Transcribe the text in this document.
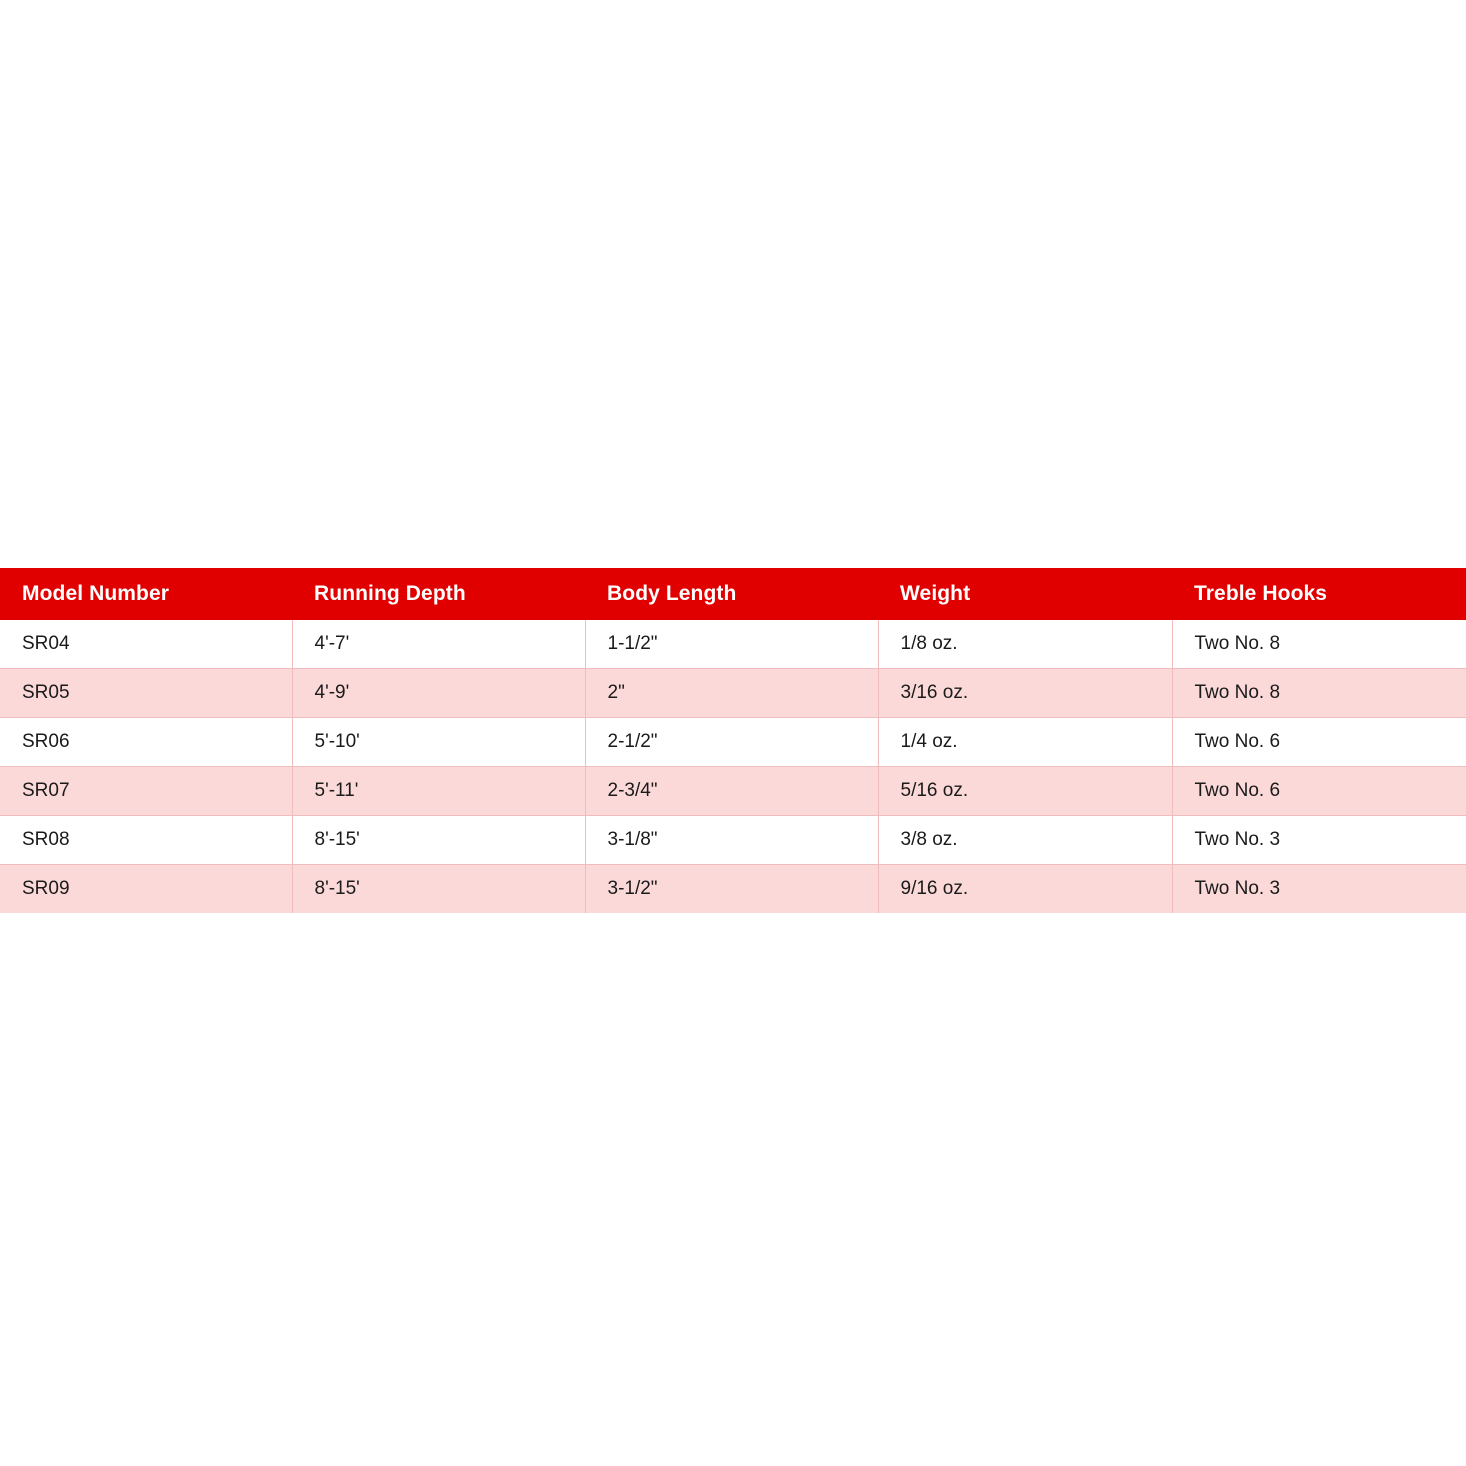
Model Number	Running Depth	Body Length	Weight	Treble Hooks
SR04	4'-7'	1-1/2"	1/8 oz.	Two No. 8
SR05	4'-9'	2"	3/16 oz.	Two No. 8
SR06	5'-10'	2-1/2"	1/4 oz.	Two No. 6
SR07	5'-11'	2-3/4"	5/16 oz.	Two No. 6
SR08	8'-15'	3-1/8"	3/8 oz.	Two No. 3
SR09	8'-15'	3-1/2"	9/16 oz.	Two No. 3
